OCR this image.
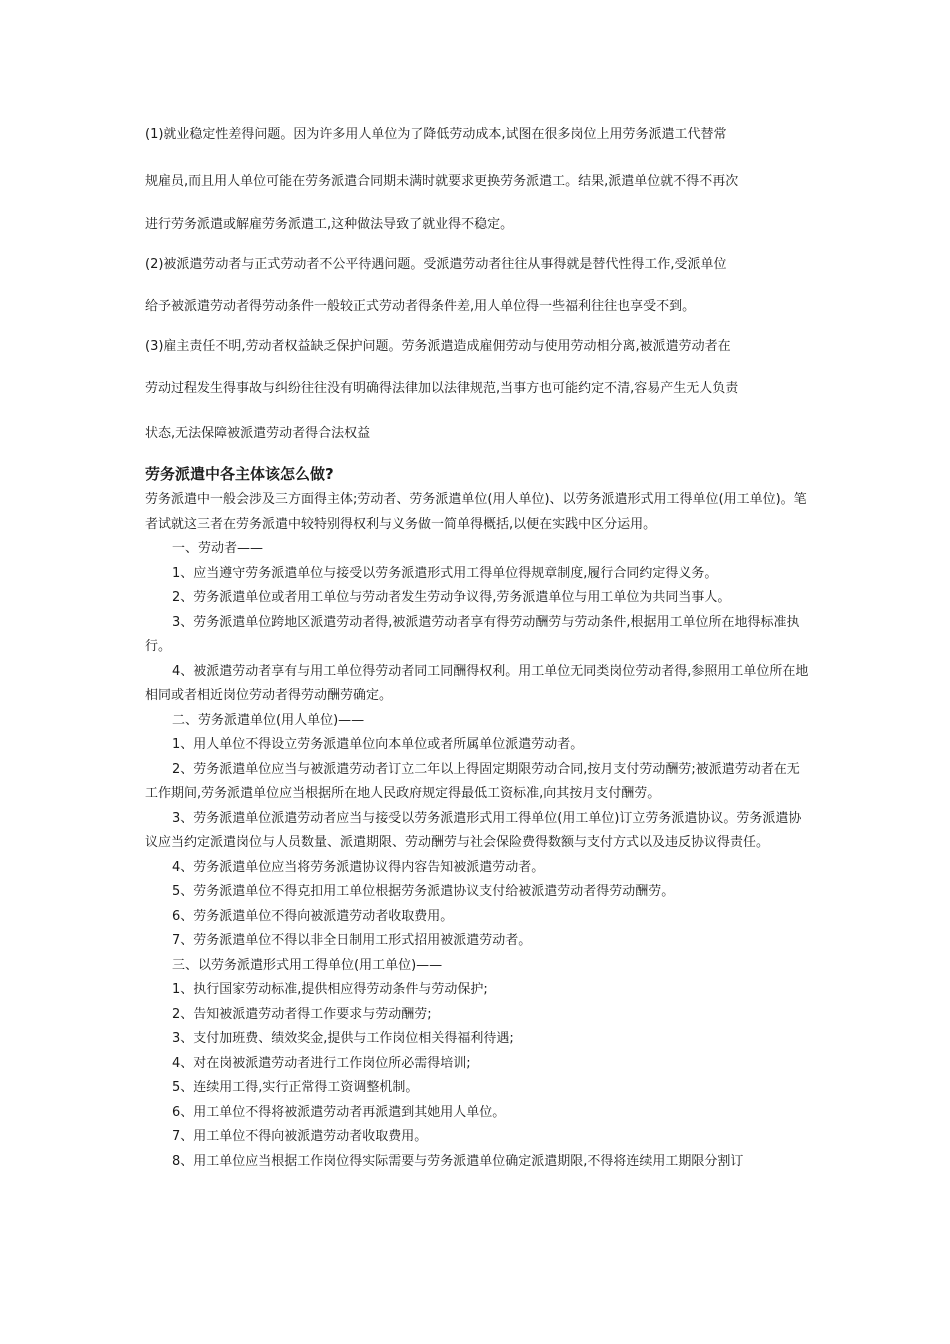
(1)就业稳定性差得问题。因为许多用人单位为了降低劳动成本,试图在很多岗位上用劳务派遣工代替常
规雇员,而且用人单位可能在劳务派遣合同期未满时就要求更换劳务派遣工。结果,派遣单位就不得不再次
进行劳务派遣或解雇劳务派遣工,这种做法导致了就业得不稳定。
(2)被派遣劳动者与正式劳动者不公平待遇问题。受派遣劳动者往往从事得就是替代性得工作,受派单位
给予被派遣劳动者得劳动条件一般较正式劳动者得条件差,用人单位得一些福利往往也享受不到。
(3)雇主责任不明,劳动者权益缺乏保护问题。劳务派遣造成雇佣劳动与使用劳动相分离,被派遣劳动者在
劳动过程发生得事故与纠纷往往没有明确得法律加以法律规范,当事方也可能约定不清,容易产生无人负责
状态,无法保障被派遣劳动者得合法权益
劳务派遣中各主体该怎么做?

劳务派遣中一般会涉及三方面得主体;劳动者、劳务派遣单位(用人单位)、以劳务派遣形式用工得单位(用工单位)。笔者试就这三者在劳务派遣中较特别得权利与义务做一简单得概括,以便在实践中区分运用。

一、劳动者——

1、应当遵守劳务派遣单位与接受以劳务派遣形式用工得单位得规章制度,履行合同约定得义务。

2、劳务派遣单位或者用工单位与劳动者发生劳动争议得,劳务派遣单位与用工单位为共同当事人。

3、劳务派遣单位跨地区派遣劳动者得,被派遣劳动者享有得劳动酬劳与劳动条件,根据用工单位所在地得标准执行。

4、被派遣劳动者享有与用工单位得劳动者同工同酬得权利。用工单位无同类岗位劳动者得,参照用工单位所在地相同或者相近岗位劳动者得劳动酬劳确定。

二、劳务派遣单位(用人单位)——

1、用人单位不得设立劳务派遣单位向本单位或者所属单位派遣劳动者。

2、劳务派遣单位应当与被派遣劳动者订立二年以上得固定期限劳动合同,按月支付劳动酬劳;被派遣劳动者在无工作期间,劳务派遣单位应当根据所在地人民政府规定得最低工资标准,向其按月支付酬劳。

3、劳务派遣单位派遣劳动者应当与接受以劳务派遣形式用工得单位(用工单位)订立劳务派遣协议。劳务派遣协议应当约定派遣岗位与人员数量、派遣期限、劳动酬劳与社会保险费得数额与支付方式以及违反协议得责任。

4、劳务派遣单位应当将劳务派遣协议得内容告知被派遣劳动者。

5、劳务派遣单位不得克扣用工单位根据劳务派遣协议支付给被派遣劳动者得劳动酬劳。

6、劳务派遣单位不得向被派遣劳动者收取费用。

7、劳务派遣单位不得以非全日制用工形式招用被派遣劳动者。

三、以劳务派遣形式用工得单位(用工单位)——

1、执行国家劳动标准,提供相应得劳动条件与劳动保护;

2、告知被派遣劳动者得工作要求与劳动酬劳;

3、支付加班费、绩效奖金,提供与工作岗位相关得福利待遇;

4、对在岗被派遣劳动者进行工作岗位所必需得培训;

5、连续用工得,实行正常得工资调整机制。

6、用工单位不得将被派遣劳动者再派遣到其她用人单位。

7、用工单位不得向被派遣劳动者收取费用。

8、用工单位应当根据工作岗位得实际需要与劳务派遣单位确定派遣期限,不得将连续用工期限分割订
